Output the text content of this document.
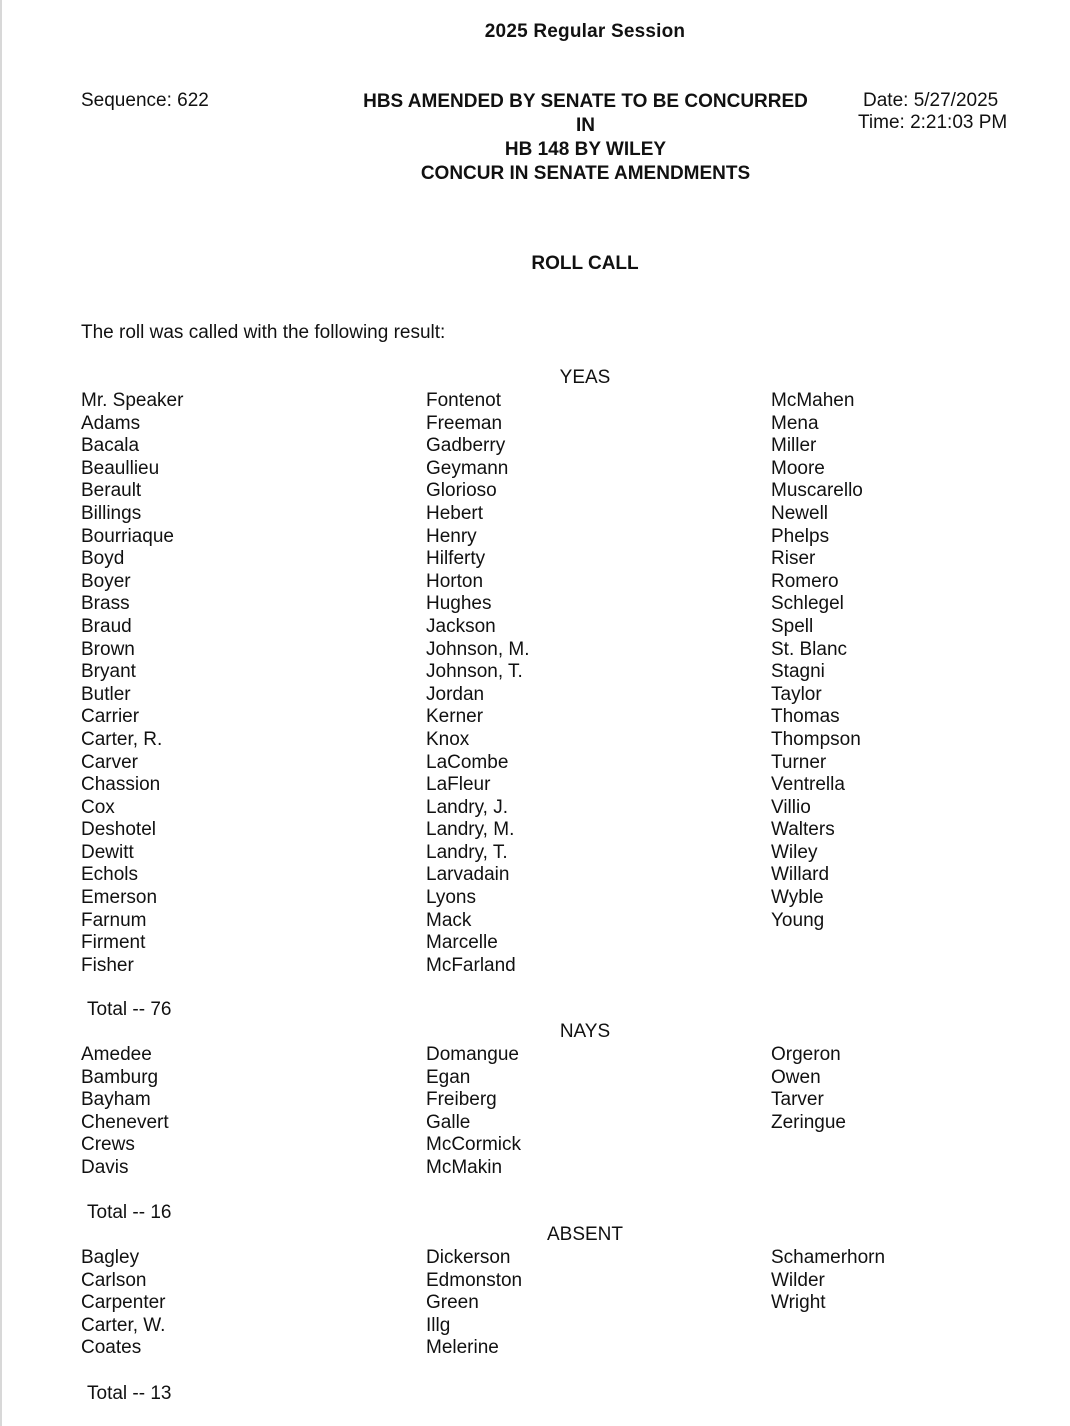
2025 Regular Session
Sequence: 622	HBS AMENDED BY SENATE TO BE CONCURRED
IN
HB 148 BY WILEY
CONCUR IN SENATE AMENDMENTS
Date: 5/27/2025
Time: 2:21:03 PM
ROLL CALL
The roll was called with the following result:
YEAS
Mr. Speaker
Adams
Bacala
Beaullieu
Berault
Billings
Bourriaque
Boyd
Boyer
Brass
Braud
Brown
Bryant
Butler
Carrier
Carter, R.
Carver
Chassion
Cox
Deshotel
Dewitt
Echols
Emerson
Farnum
Firment
Fisher
Fontenot
Freeman
Gadberry
Geymann
Glorioso
Hebert
Henry
Hilferty
Horton
Hughes
Jackson
Johnson, M.
Johnson, T.
Jordan
Kerner
Knox
LaCombe
LaFleur
Landry, J.
Landry, M.
Landry, T.
Larvadain
Lyons
Mack
Marcelle
McFarland
McMahen
Mena
Miller
Moore
Muscarello
Newell
Phelps
Riser
Romero
Schlegel
Spell
St. Blanc
Stagni
Taylor
Thomas
Thompson
Turner
Ventrella
Villio
Walters
Wiley
Willard
Wyble
Young
Total -- 76
NAYS
Amedee
Bamburg
Bayham
Chenevert
Crews
Davis
Domangue
Egan
Freiberg
Galle
McCormick
McMakin
Orgeron
Owen
Tarver
Zeringue
Total -- 16
ABSENT
Bagley
Carlson
Carpenter
Carter, W.
Coates
Dickerson
Edmonston
Green
Illg
Melerine
Schamerhorn
Wilder
Wright
Total -- 13
